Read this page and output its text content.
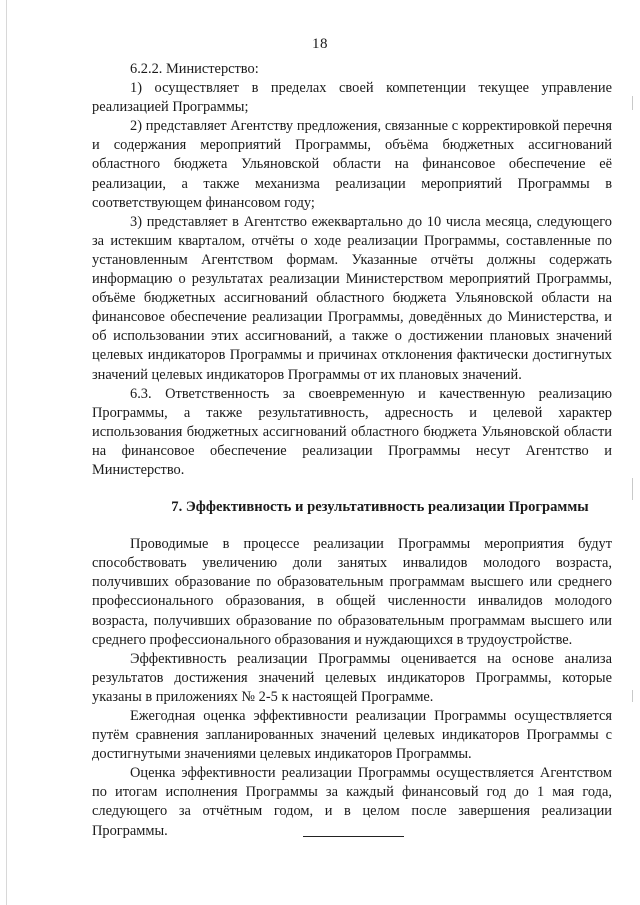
18

6.2.2. Министерство:

1) осуществляет в пределах своей компетенции текущее управление реализацией Программы;

2) представляет Агентству предложения, связанные с корректировкой перечня и содержания мероприятий Программы, объёма бюджетных ассигнований областного бюджета Ульяновской области на финансовое обеспечение её реализации, а также механизма реализации мероприятий Программы в соответствующем финансовом году;

3) представляет в Агентство ежеквартально до 10 числа месяца, следующего за истекшим кварталом, отчёты о ходе реализации Программы, составленные по установленным Агентством формам. Указанные отчёты должны содержать информацию о результатах реализации Министерством мероприятий Программы, объёме бюджетных ассигнований областного бюджета Ульяновской области на финансовое обеспечение реализации Программы, доведённых до Министерства, и об использовании этих ассигнований, а также о достижении плановых значений целевых индикаторов Программы и причинах отклонения фактически достигнутых значений целевых индикаторов Программы от их плановых значений.

6.3. Ответственность за своевременную и качественную реализацию Программы, а также результативность, адресность и целевой характер использования бюджетных ассигнований областного бюджета Ульяновской области на финансовое обеспечение реализации Программы несут Агентство и Министерство.

7. Эффективность и результативность реализации Программы

Проводимые в процессе реализации Программы мероприятия будут способствовать увеличению доли занятых инвалидов молодого возраста, получивших образование по образовательным программам высшего или среднего профессионального образования, в общей численности инвалидов молодого возраста, получивших образование по образовательным программам высшего или среднего профессионального образования и нуждающихся в трудоустройстве.

Эффективность реализации Программы оценивается на основе анализа результатов достижения значений целевых индикаторов Программы, которые указаны в приложениях № 2-5 к настоящей Программе.

Ежегодная оценка эффективности реализации Программы осуществляется путём сравнения запланированных значений целевых индикаторов Программы с достигнутыми значениями целевых индикаторов Программы.

Оценка эффективности реализации Программы осуществляется Агентством по итогам исполнения Программы за каждый финансовый год до 1 мая года, следующего за отчётным годом, и в целом после завершения реализации Программы.
